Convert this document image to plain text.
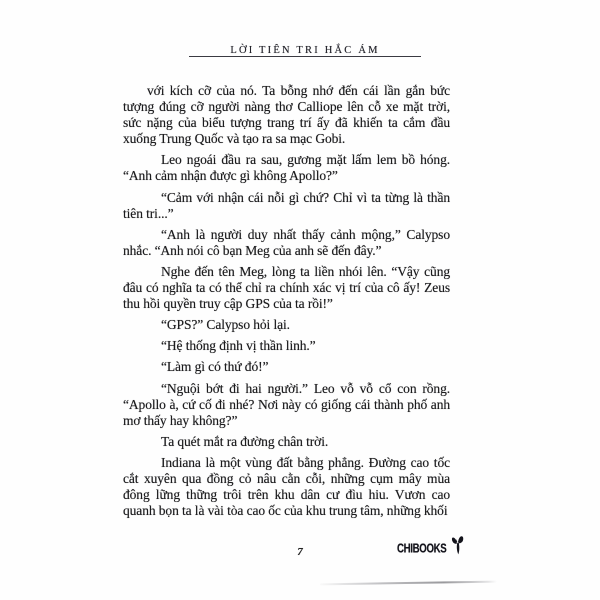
LỜI TIÊN TRI HẮC ÁM

với kích cỡ của nó. Ta bỗng nhớ đến cái lần gắn bức tượng đúng cỡ người nàng thơ Calliope lên cỗ xe mặt trời, sức nặng của biểu tượng trang trí ấy đã khiến ta cắm đầu xuống Trung Quốc và tạo ra sa mạc Gobi.

Leo ngoái đầu ra sau, gương mặt lấm lem bồ hóng. “Anh cảm nhận được gì không Apollo?”

“Cảm với nhận cái nỗi gì chứ? Chỉ vì ta từng là thần tiên tri...”

“Anh là người duy nhất thấy cảnh mộng,” Calypso nhắc. “Anh nói cô bạn Meg của anh sẽ đến đây.”

Nghe đến tên Meg, lòng ta liền nhói lên. “Vậy cũng đâu có nghĩa ta có thể chỉ ra chính xác vị trí của cô ấy! Zeus thu hồi quyền truy cập GPS của ta rồi!”

“GPS?” Calypso hỏi lại.

“Hệ thống định vị thần linh.”

“Làm gì có thứ đó!”

“Nguội bớt đi hai người.” Leo vỗ vỗ cổ con rồng. “Apollo à, cứ cố đi nhé? Nơi này có giống cái thành phố anh mơ thấy hay không?”

Ta quét mắt ra đường chân trời.

Indiana là một vùng đất bằng phẳng. Đường cao tốc cắt xuyên qua đồng cỏ nâu cằn cỗi, những cụm mây mùa đông lững thững trôi trên khu dân cư đìu hiu. Vươn cao quanh bọn ta là vài tòa cao ốc của khu trung tâm, những khối

7	CHIBOOKS
